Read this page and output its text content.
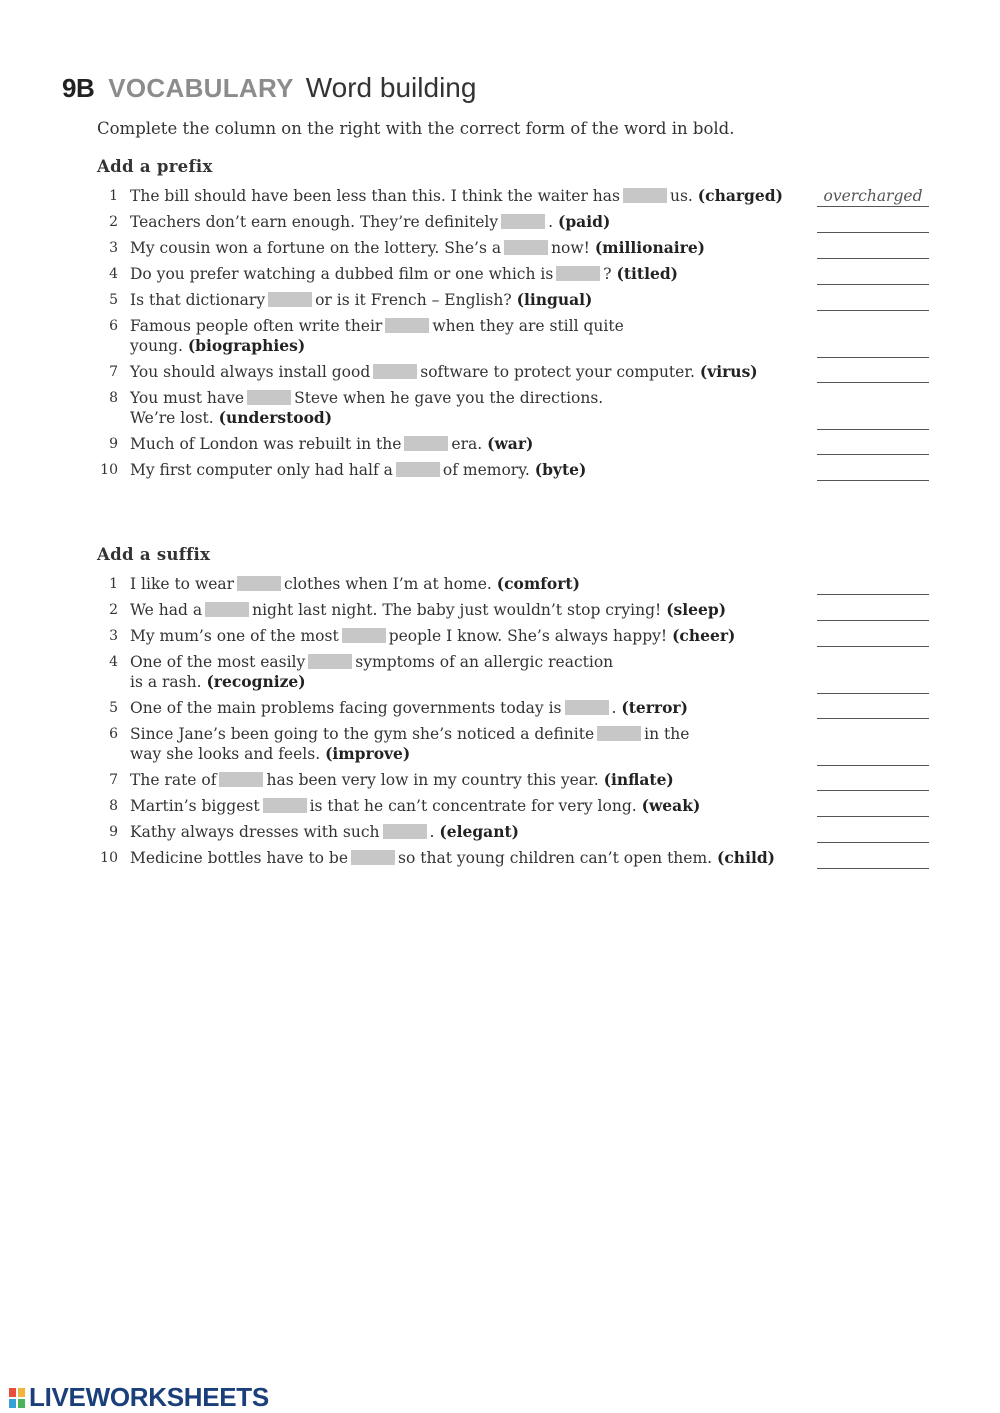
9B VOCABULARY Word building
Complete the column on the right with the correct form of the word in bold.
Add a prefix
1 The bill should have been less than this. I think the waiter has	us. (charged)	overcharged
2 Teachers don’t earn enough. They’re definitely	. (paid)
3 My cousin won a fortune on the lottery. She’s a	now! (millionaire)
4 Do you prefer watching a dubbed film or one which is	? (titled)
5 Is that dictionary	or is it French – English? (lingual)
6 Famous people often write their	when they are still quite
young. (biographies)
7 You should always install good	software to protect your computer. (virus)
8 You must have	Steve when he gave you the directions.
We’re lost. (understood)
9 Much of London was rebuilt in the	era. (war)
10 My first computer only had half a	of memory. (byte)
Add a suffix
1 I like to wear	clothes when I’m at home. (comfort)
2 We had a	night last night. The baby just wouldn’t stop crying! (sleep)
3 My mum’s one of the most	people I know. She’s always happy! (cheer)
4 One of the most easily	symptoms of an allergic reaction
is a rash. (recognize)
5 One of the main problems facing governments today is	. (terror)
6 Since Jane’s been going to the gym she’s noticed a definite	in the
way she looks and feels. (improve)
7 The rate of	has been very low in my country this year. (inflate)
8 Martin’s biggest	is that he can’t concentrate for very long. (weak)
9 Kathy always dresses with such	. (elegant)
10 Medicine bottles have to be	so that young children can’t open them. (child)
LIVEWORKSHEETS
